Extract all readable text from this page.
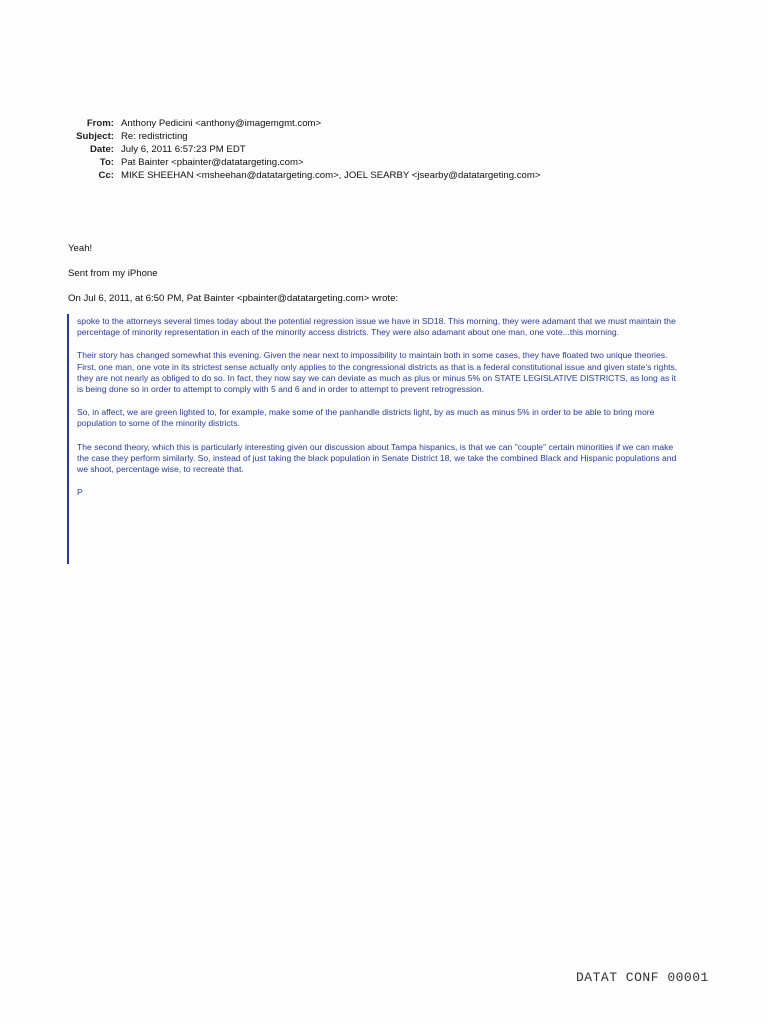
From: Anthony Pedicini <anthony@imagemgmt.com>
Subject: Re: redistricting
Date: July 6, 2011 6:57:23 PM EDT
To: Pat Bainter <pbainter@datatargeting.com>
Cc: MIKE SHEEHAN <msheehan@datatargeting.com>, JOEL SEARBY <jsearby@datatargeting.com>
Yeah!
Sent from my iPhone
On Jul 6, 2011, at 6:50 PM, Pat Bainter <pbainter@datatargeting.com> wrote:

spoke to the attorneys several times today about the potential regression issue we have in SD18. This morning, they were adamant that we must maintain the percentage of minority representation in each of the minority access districts. They were also adamant about one man, one vote...this morning.

Their story has changed somewhat this evening. Given the near next to impossibility to maintain both in some cases, they have floated two unique theories. First, one man, one vote in its strictest sense actually only applies to the congressional districts as that is a federal constitutional issue and given state's rights, they are not nearly as obliged to do so. In fact, they now say we can deviate as much as plus or minus 5% on STATE LEGISLATIVE DISTRICTS, as long as it is being done so in order to attempt to comply with 5 and 6 and in order to attempt to prevent retrogression.

So, in affect, we are green lighted to, for example, make some of the panhandle districts light, by as much as minus 5% in order to be able to bring more population to some of the minority districts.

The second theory, which this is particularly interesting given our discussion about Tampa hispanics, is that we can "couple" certain minorities if we can make the case they perform similarly. So, instead of just taking the black population in Senate District 18, we take the combined Black and Hispanic populations and we shoot, percentage wise, to recreate that.

P

DATAT CONF 00001
